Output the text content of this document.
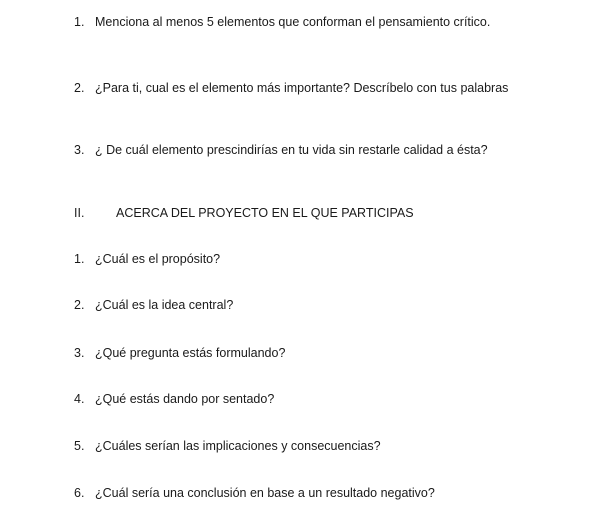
1. Menciona al menos 5 elementos que conforman el pensamiento crítico.
2. ¿Para ti, cual es el elemento más importante? Descríbelo con tus palabras
3. ¿ De cuál elemento prescindirías en tu vida sin restarle calidad a ésta?
II.	ACERCA DEL PROYECTO EN EL QUE PARTICIPAS
1. ¿Cuál es el propósito?
2. ¿Cuál es la idea central?
3. ¿Qué pregunta estás formulando?
4. ¿Qué estás dando por sentado?
5. ¿Cuáles serían las implicaciones y consecuencias?
6. ¿Cuál sería una conclusión en base a un resultado negativo?
